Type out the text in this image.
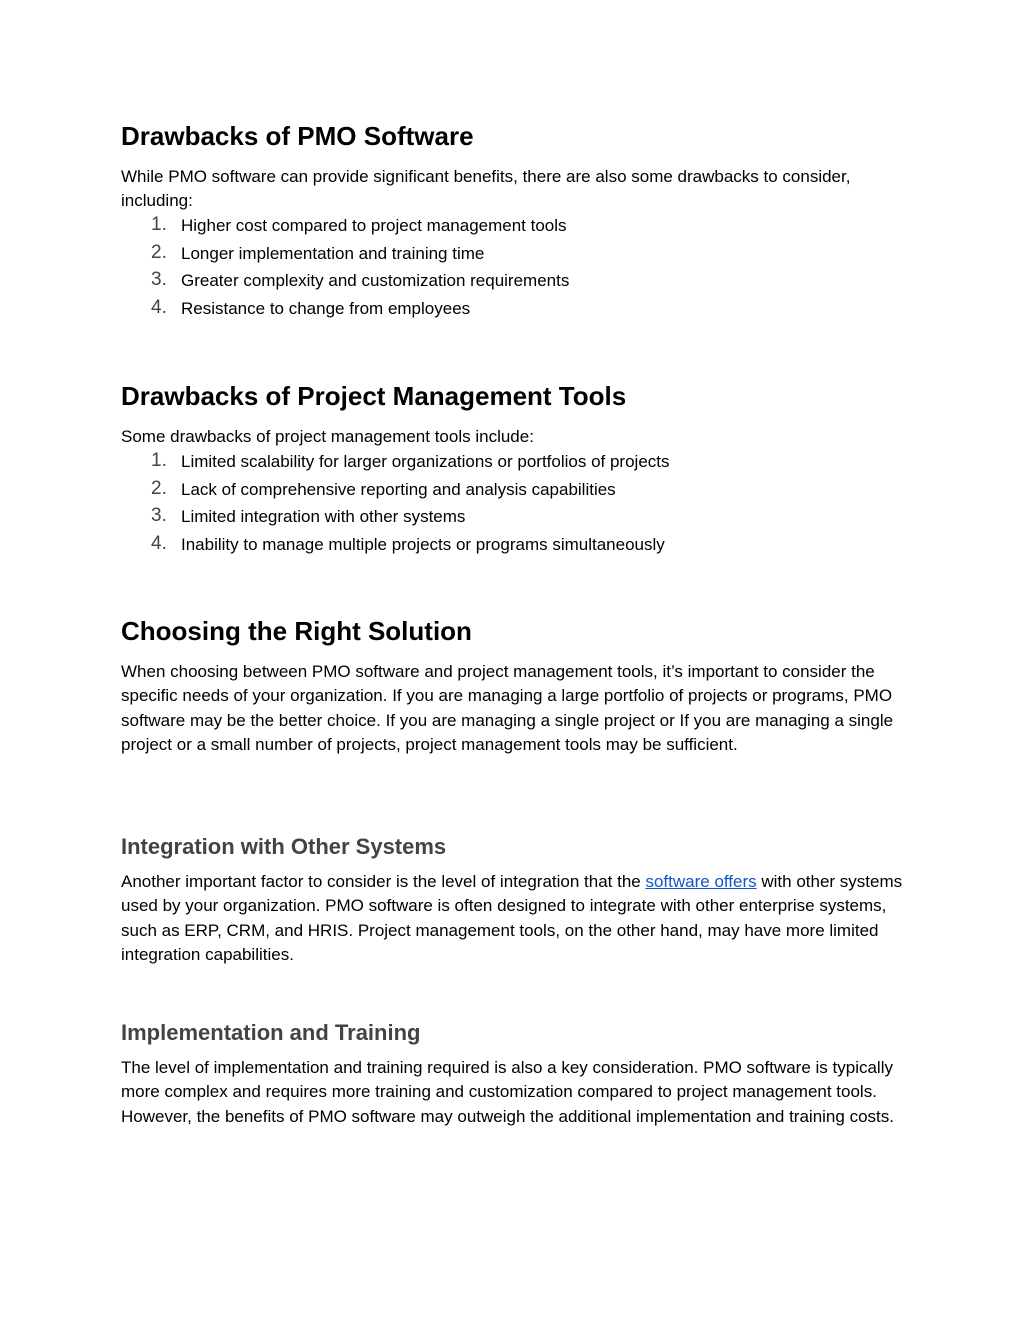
Drawbacks of PMO Software
While PMO software can provide significant benefits, there are also some drawbacks to consider, including:
1. Higher cost compared to project management tools
2. Longer implementation and training time
3. Greater complexity and customization requirements
4. Resistance to change from employees
Drawbacks of Project Management Tools
Some drawbacks of project management tools include:
1. Limited scalability for larger organizations or portfolios of projects
2. Lack of comprehensive reporting and analysis capabilities
3. Limited integration with other systems
4. Inability to manage multiple projects or programs simultaneously
Choosing the Right Solution
When choosing between PMO software and project management tools, it’s important to consider the specific needs of your organization. If you are managing a large portfolio of projects or programs, PMO software may be the better choice. If you are managing a single project or If you are managing a single project or a small number of projects, project management tools may be sufficient.
Integration with Other Systems
Another important factor to consider is the level of integration that the software offers with other systems used by your organization. PMO software is often designed to integrate with other enterprise systems, such as ERP, CRM, and HRIS. Project management tools, on the other hand, may have more limited integration capabilities.
Implementation and Training
The level of implementation and training required is also a key consideration. PMO software is typically more complex and requires more training and customization compared to project management tools. However, the benefits of PMO software may outweigh the additional implementation and training costs.
